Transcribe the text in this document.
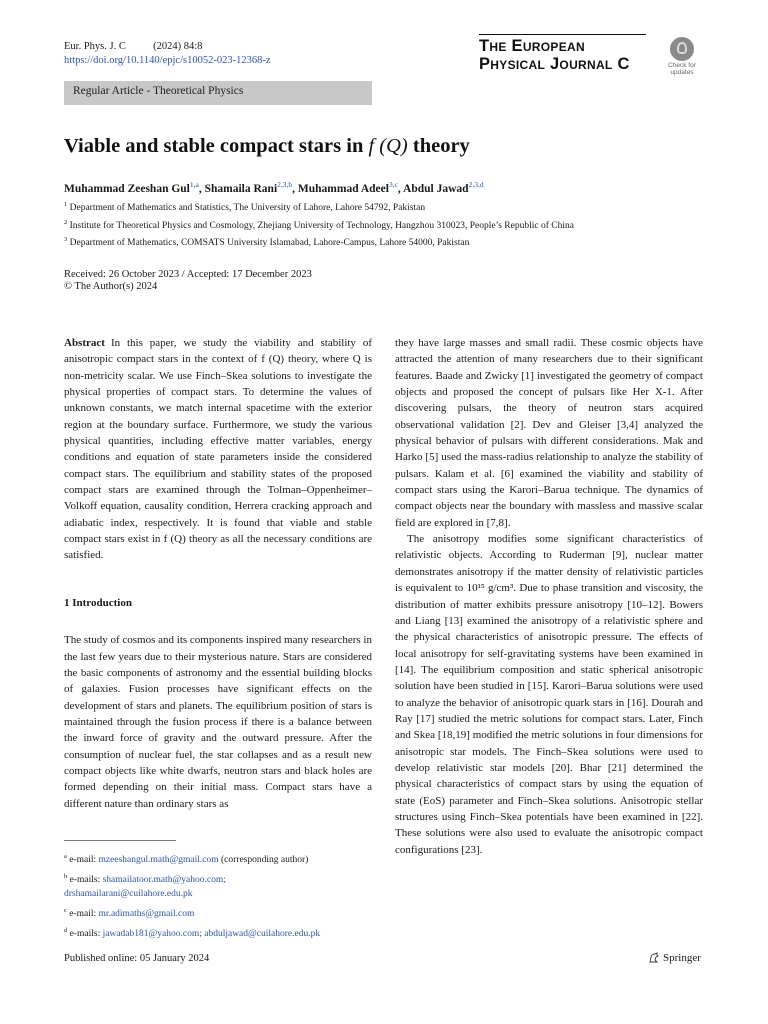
Eur. Phys. J. C	(2024) 84:8
https://doi.org/10.1140/epjc/s10052-023-12368-z
The European
Physical Journal C	Check for
updates
Regular Article - Theoretical Physics
Viable and stable compact stars in f (Q) theory
Muhammad Zeeshan Gul$^{1,a}$, Shamaila Rani$^{2,3,b}$, Muhammad Adeel$^{3,c}$, Abdul Jawad$^{2,3,d}$
$^1$ Department of Mathematics and Statistics, The University of Lahore, Lahore 54792, Pakistan
$^2$ Institute for Theoretical Physics and Cosmology, Zhejiang University of Technology, Hangzhou 310023, People’s Republic of China
$^3$ Department of Mathematics, COMSATS University Islamabad, Lahore-Campus, Lahore 54000, Pakistan
Received: 26 October 2023 / Accepted: 17 December 2023
© The Author(s) 2024

Abstract In this paper, we study the viability and stability of anisotropic compact stars in the context of f (Q) theory, where Q is non-metricity scalar. We use Finch–Skea solutions to investigate the physical properties of compact stars. To determine the values of unknown constants, we match internal spacetime with the exterior region at the boundary surface. Furthermore, we study the various physical quantities, including effective matter variables, energy conditions and equation of state parameters inside the considered compact stars. The equilibrium and stability states of the proposed compact stars are examined through the Tolman–Oppenheimer–Volkoff equation, causality condition, Herrera cracking approach and adiabatic index, respectively. It is found that viable and stable compact stars exist in f (Q) theory as all the necessary conditions are satisfied.

1 Introduction

The study of cosmos and its components inspired many researchers in the last few years due to their mysterious nature. Stars are considered the basic components of astronomy and the essential building blocks of galaxies. Fusion processes have significant effects on the development of stars and planets. The equilibrium position of stars is maintained through the fusion process if there is a balance between the inward force of gravity and the outward pressure. After the consumption of nuclear fuel, the star collapses and as a result new compact objects like white dwarfs, neutron stars and black holes are formed depending on their initial mass. Compact stars have a different nature than ordinary stars as

they have large masses and small radii. These cosmic objects have attracted the attention of many researchers due to their significant features. Baade and Zwicky [1] investigated the geometry of compact objects and proposed the concept of pulsars like Her X-1. After discovering pulsars, the theory of neutron stars acquired observational validation [2]. Dev and Gleiser [3,4] analyzed the physical behavior of pulsars with different considerations. Mak and Harko [5] used the mass-radius relationship to analyze the stability of pulsars. Kalam et al. [6] examined the viability and stability of compact stars using the Karori–Barua technique. The dynamics of compact objects near the boundary with massless and massive scalar field are explored in [7,8].

The anisotropy modifies some significant characteristics of relativistic objects. According to Ruderman [9], nuclear matter demonstrates anisotropy if the matter density of relativistic particles is equivalent to 10¹⁵ g/cm³. Due to phase transition and viscosity, the distribution of matter exhibits pressure anisotropy [10–12]. Bowers and Liang [13] examined the anisotropy of a relativistic sphere and the physical characteristics of anisotropic pressure. The effects of local anisotropy for self-gravitating systems have been examined in [14]. The equilibrium composition and static spherical anisotropic solution have been studied in [15]. Karori–Barua solutions were used to analyze the behavior of anisotropic quark stars in [16]. Dourah and Ray [17] studied the metric solutions for compact stars. Later, Finch and Skea [18,19] modified the metric solutions in four dimensions for anisotropic star models. The Finch–Skea solutions were used to develop relativistic star models [20]. Bhar [21] determined the physical characteristics of compact stars by using the equation of state (EoS) parameter and Finch–Skea solutions. Anisotropic stellar structures using Finch–Skea potentials have been examined in [22]. These solutions were also used to evaluate the anisotropic compact configurations [23].

$^a$ e-mail: mzeeshangul.math@gmail.com (corresponding author)

$^b$ e-mails: shamailatoor.math@yahoo.com;
drshamailarani@cuilahore.edu.pk

$^c$ e-mail: mr.adimaths@gmail.com

$^d$ e-mails: jawadab181@yahoo.com; abduljawad@cuilahore.edu.pk

Published online: 05 January 2024	Springer
